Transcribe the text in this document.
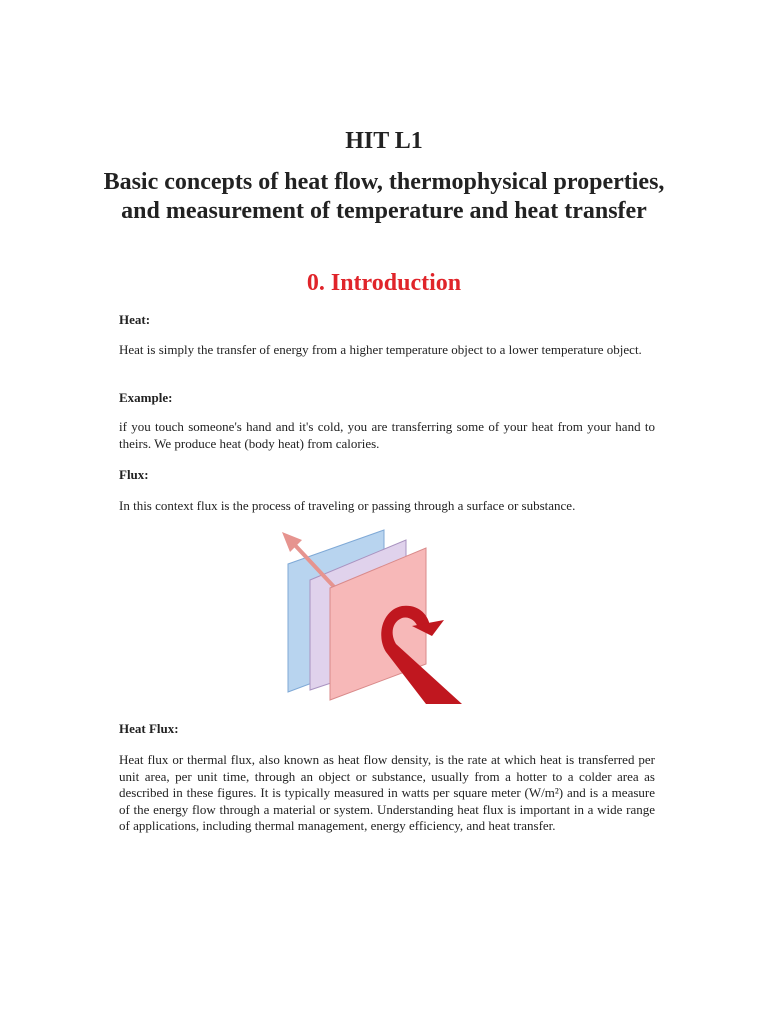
HIT L1
Basic concepts of heat flow, thermophysical properties, and measurement of temperature and heat transfer
0. Introduction

Heat:

Heat is simply the transfer of energy from a higher temperature object to a lower temperature object.

Example:

if you touch someone's hand and it's cold, you are transferring some of your heat from your hand to theirs. We produce heat (body heat) from calories.

Flux:

In this context flux is the process of traveling or passing through a surface or substance.

Heat Flux:

Heat flux or thermal flux, also known as heat flow density, is the rate at which heat is transferred per unit area, per unit time, through an object or substance, usually from a hotter to a colder area as described in these figures. It is typically measured in watts per square meter (W/m²) and is a measure of the energy flow through a material or system. Understanding heat flux is important in a wide range of applications, including thermal management, energy efficiency, and heat transfer.
